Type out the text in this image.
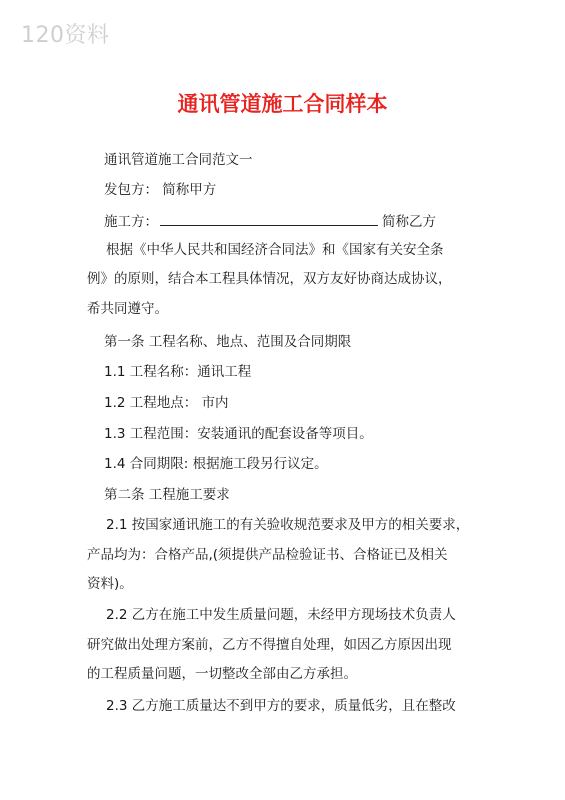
120资料
通讯管道施工合同样本
通讯管道施工合同范文一
发包方： 简称甲方
施工方：	简称乙方
根据《中华人民共和国经济合同法》和《国家有关安全条
例》的原则，结合本工程具体情况，双方友好协商达成协议，
希共同遵守。
第一条 工程名称、地点、范围及合同期限
1.1 工程名称：通讯工程
1.2 工程地点： 市内
1.3 工程范围：安装通讯的配套设备等项目。
1.4 合同期限: 根据施工段另行议定。
第二条 工程施工要求
2.1 按国家通讯施工的有关验收规范要求及甲方的相关要求，
产品均为：合格产品,(须提供产品检验证书、合格证已及相关
资料)。
2.2 乙方在施工中发生质量问题，未经甲方现场技术负责人
研究做出处理方案前，乙方不得擅自处理，如因乙方原因出现
的工程质量问题，一切整改全部由乙方承担。
2.3 乙方施工质量达不到甲方的要求，质量低劣，且在整改
